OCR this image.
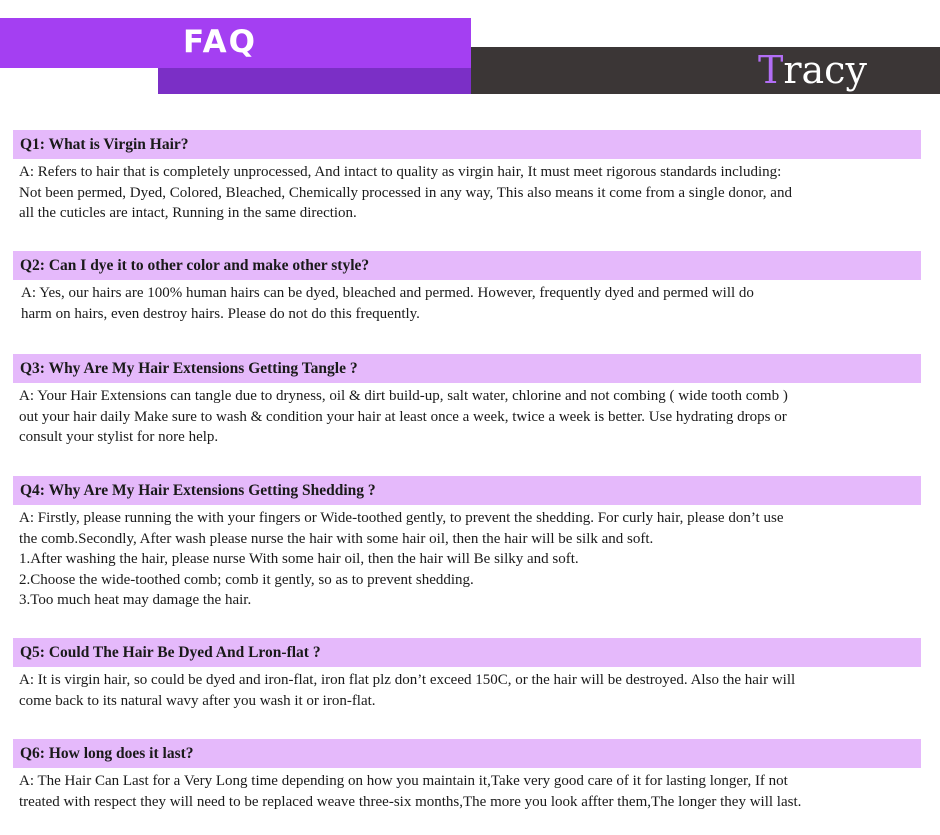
FAQ
Tracy
Q1: What is Virgin Hair?
A: Refers to hair that is completely unprocessed, And intact to quality as virgin hair, It must meet rigorous standards including:
Not been permed, Dyed, Colored, Bleached, Chemically processed in any way, This also means it come from a single donor, and
all the cuticles are intact, Running in the same direction.
Q2: Can I dye it to other color and make other style?
A: Yes, our hairs are 100% human hairs can be dyed, bleached and permed. However, frequently dyed and permed will do
harm on hairs, even destroy hairs. Please do not do this frequently.
Q3: Why Are My Hair Extensions Getting Tangle ?
A: Your Hair Extensions can tangle due to dryness, oil & dirt build-up, salt water, chlorine and not combing ( wide tooth comb )
out your hair daily Make sure to wash & condition your hair at least once a week, twice a week is better. Use hydrating drops or
consult your stylist for nore help.
Q4: Why Are My Hair Extensions Getting Shedding ?
A: Firstly, please running the with your fingers or Wide-toothed gently, to prevent the shedding. For curly hair, please don’t use
the comb.Secondly, After wash please nurse the hair with some hair oil, then the hair will be silk and soft.
1.After washing the hair, please nurse With some hair oil, then the hair will Be silky and soft.
2.Choose the wide-toothed comb; comb it gently, so as to prevent shedding.
3.Too much heat may damage the hair.
Q5: Could The Hair Be Dyed And Lron-flat ?
A: It is virgin hair, so could be dyed and iron-flat, iron flat plz don’t exceed 150C, or the hair will be destroyed. Also the hair will
come back to its natural wavy after you wash it or iron-flat.
Q6: How long does it last?
A: The Hair Can Last for a Very Long time depending on how you maintain it,Take very good care of it for lasting longer, If not
treated with respect they will need to be replaced weave three-six months,The more you look affter them,The longer they will last.
